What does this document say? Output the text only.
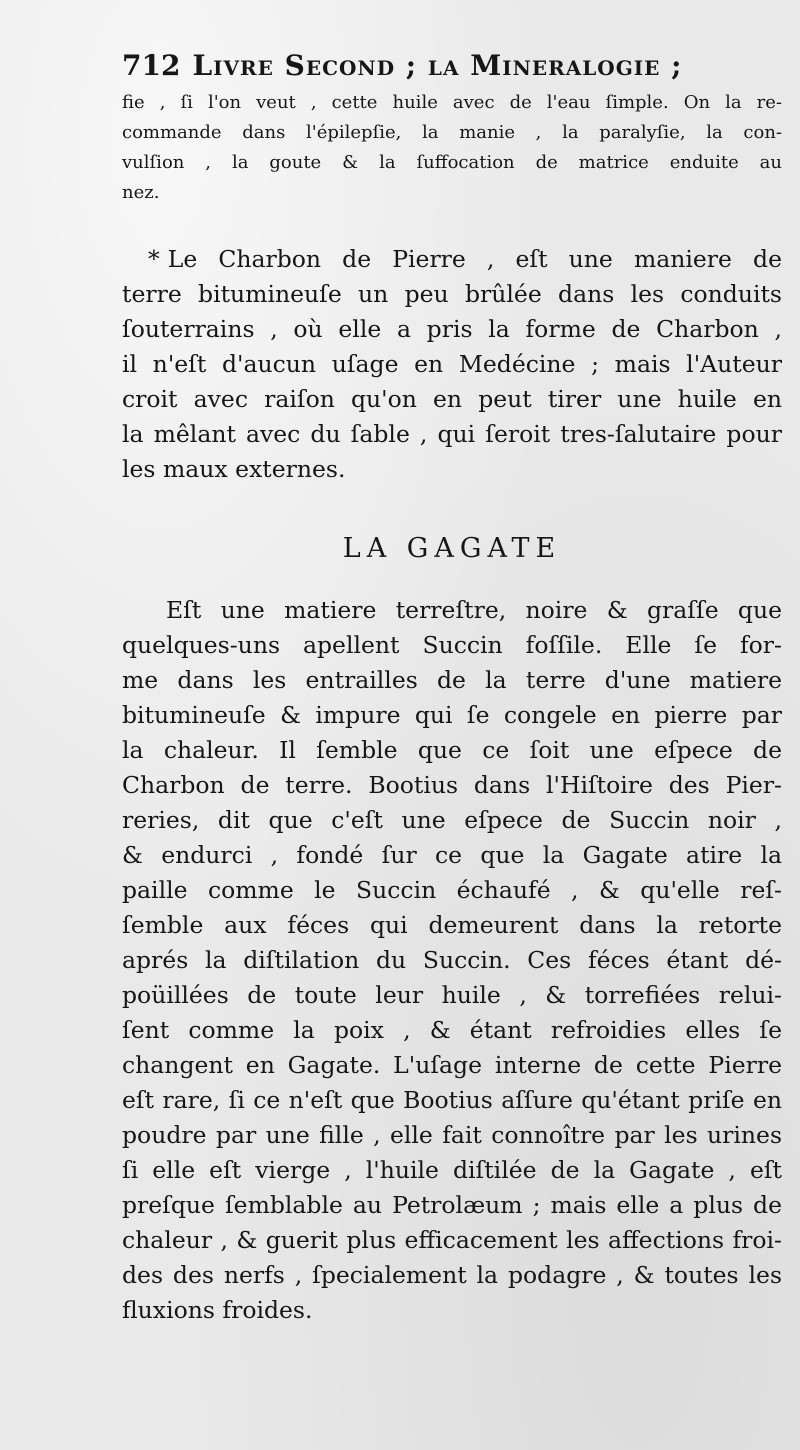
712 Livre Second ; la Mineralogie ;
fie , ſi l'on veut , cette huile avec de l'eau ſimple. On la re-
commande dans l'épilepſie, la manie , la paralyſie, la con-
vulſion , la goute & la ſuffocation de matrice enduite au
nez.
* Le Charbon de Pierre , eſt une maniere de
terre bitumineuſe un peu brûlée dans les conduits
ſouterrains , où elle a pris la forme de Charbon ,
il n'eſt d'aucun uſage en Medécine ; mais l'Auteur
croit avec raiſon qu'on en peut tirer une huile en
la mêlant avec du ſable , qui ſeroit tres-ſalutaire pour
les maux externes.
LA GAGATE
Eſt une matiere terreſtre, noire & graſſe que
quelques-uns apellent Succin foſſile. Elle ſe for-
me dans les entrailles de la terre d'une matiere
bitumineuſe & impure qui ſe congele en pierre par
la chaleur. Il ſemble que ce ſoit une eſpece de
Charbon de terre. Bootius dans l'Hiſtoire des Pier-
reries, dit que c'eſt une eſpece de Succin noir ,
& endurci , fondé ſur ce que la Gagate atire la
paille comme le Succin échaufé , & qu'elle reſ-
ſemble aux féces qui demeurent dans la retorte
aprés la diſtilation du Succin. Ces féces étant dé-
poüillées de toute leur huile , & torrefiées relui-
ſent comme la poix , & étant refroidies elles ſe
changent en Gagate. L'uſage interne de cette Pierre
eſt rare, ſi ce n'eſt que Bootius aſſure qu'étant priſe en
poudre par une fille , elle fait connoître par les urines
ſi elle eſt vierge , l'huile diſtilée de la Gagate , eſt
preſque ſemblable au Petrolæum ; mais elle a plus de
chaleur , & guerit plus efficacement les affections froi-
des des nerfs , ſpecialement la podagre , & toutes les
fluxions froides.
